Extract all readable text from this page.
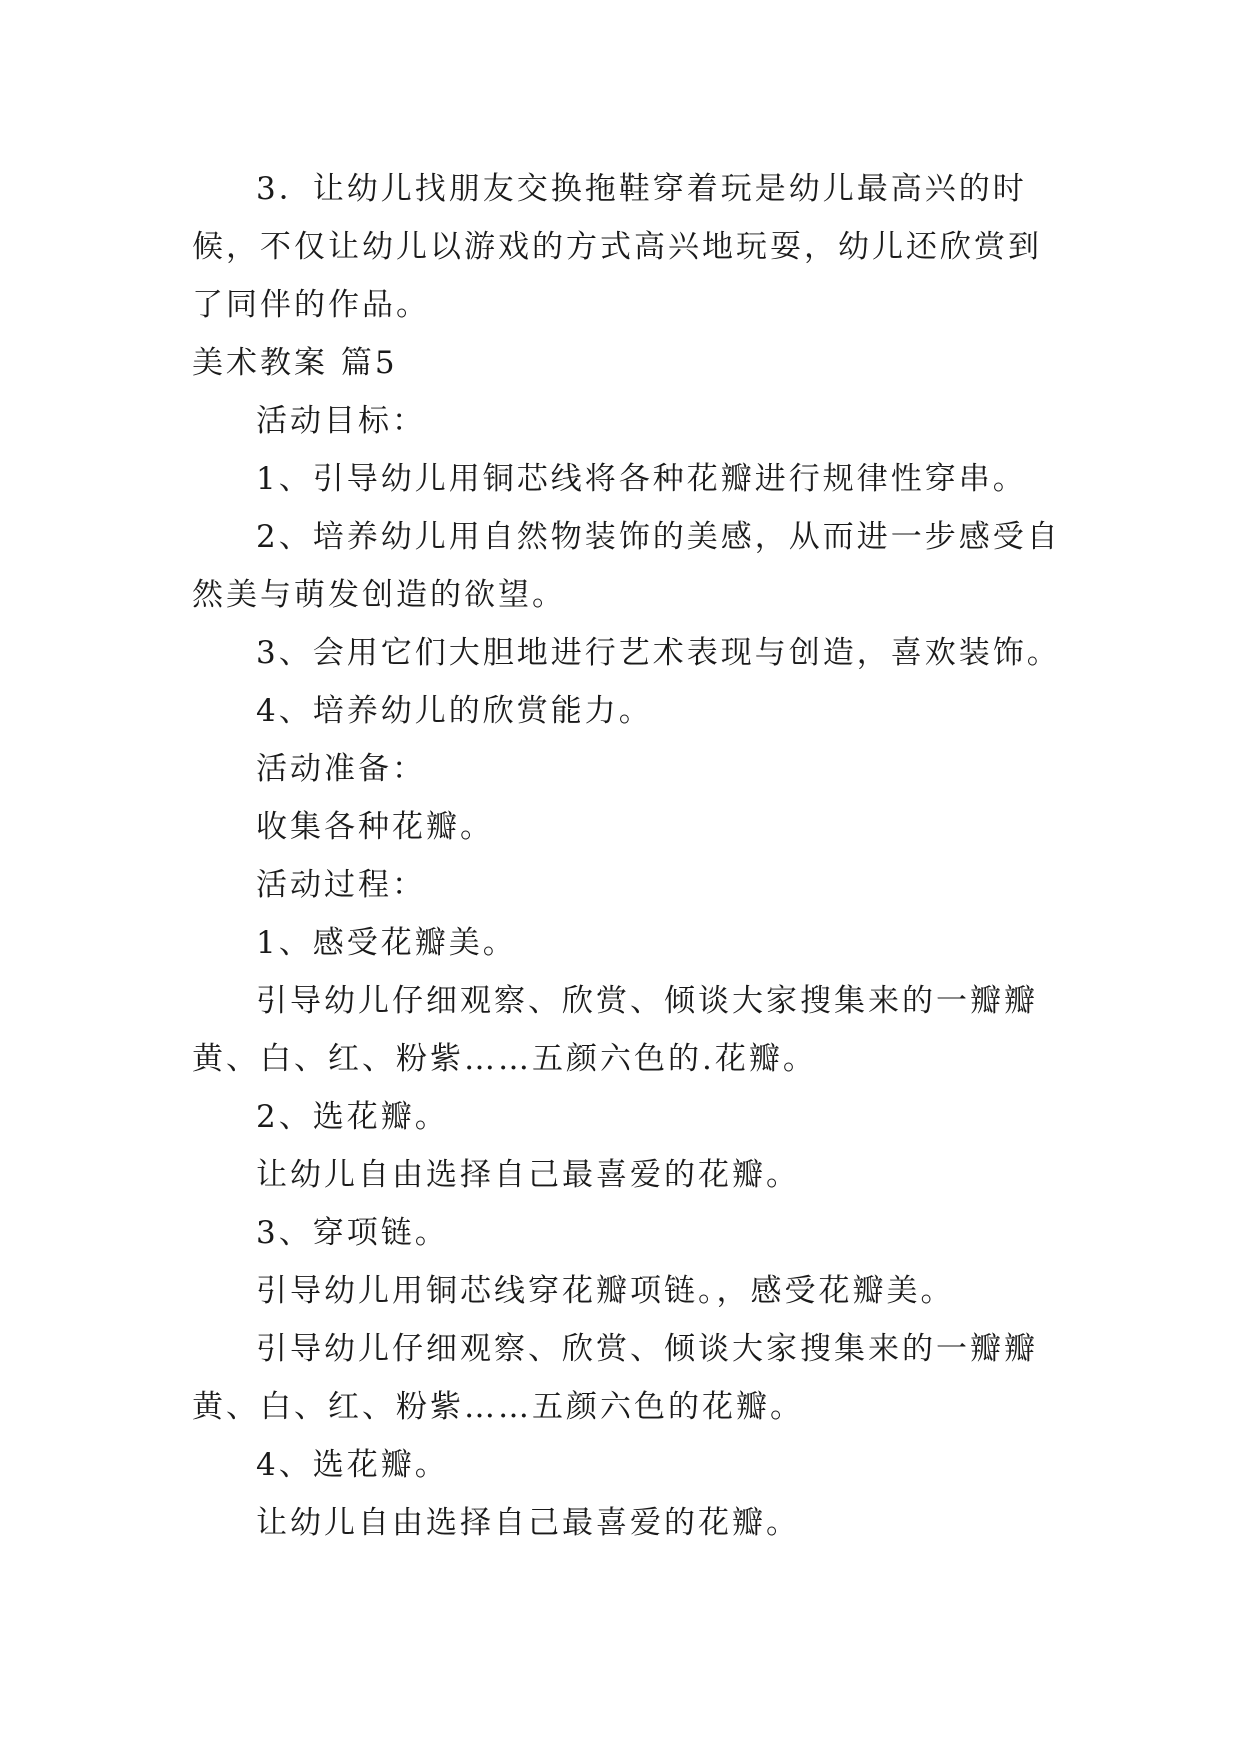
3．让幼儿找朋友交换拖鞋穿着玩是幼儿最高兴的时候，不仅让幼儿以游戏的方式高兴地玩耍，幼儿还欣赏到了同伴的作品。

美术教案 篇5

活动目标：

1、引导幼儿用铜芯线将各种花瓣进行规律性穿串。

2、培养幼儿用自然物装饰的美感，从而进一步感受自然美与萌发创造的欲望。

3、会用它们大胆地进行艺术表现与创造，喜欢装饰。

4、培养幼儿的欣赏能力。

活动准备：

收集各种花瓣。

活动过程：

1、感受花瓣美。

引导幼儿仔细观察、欣赏、倾谈大家搜集来的一瓣瓣黄、白、红、粉紫……五颜六色的.花瓣。

2、选花瓣。

让幼儿自由选择自己最喜爱的花瓣。

3、穿项链。

引导幼儿用铜芯线穿花瓣项链。，感受花瓣美。

引导幼儿仔细观察、欣赏、倾谈大家搜集来的一瓣瓣黄、白、红、粉紫……五颜六色的花瓣。

4、选花瓣。

让幼儿自由选择自己最喜爱的花瓣。
